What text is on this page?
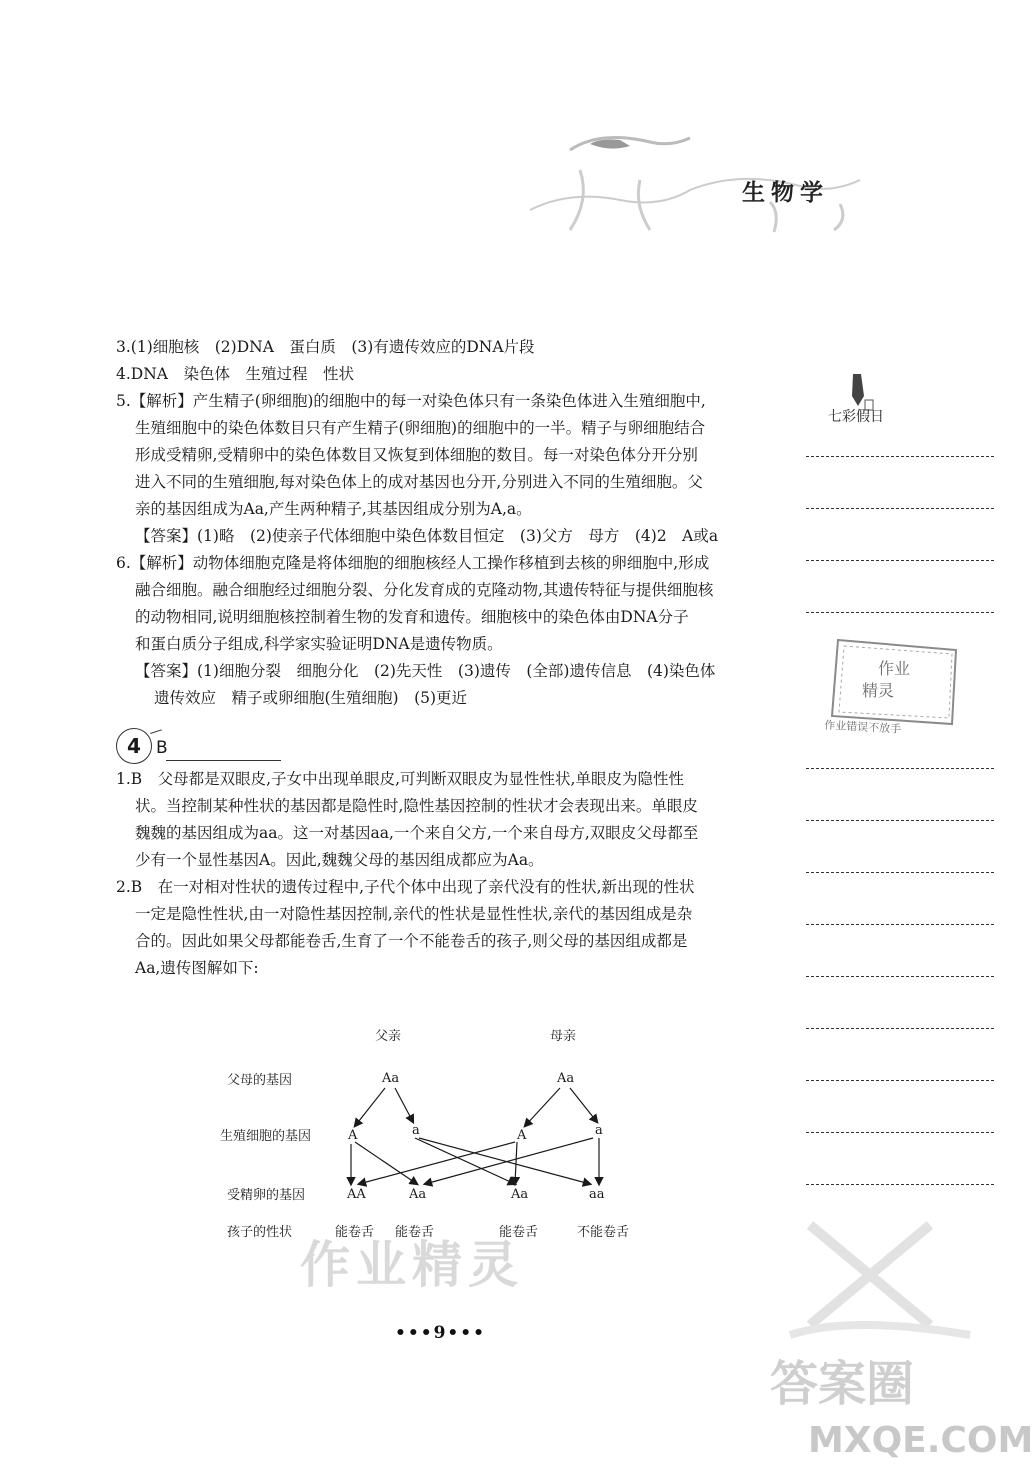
生物学
七彩假日
作业
精灵
作业错误不放手

3.(1)细胞核　(2)DNA　蛋白质　(3)有遗传效应的DNA片段

4.DNA　染色体　生殖过程　性状

5.【解析】产生精子(卵细胞)的细胞中的每一对染色体只有一条染色体进入生殖细胞中,

生殖细胞中的染色体数目只有产生精子(卵细胞)的细胞中的一半。精子与卵细胞结合

形成受精卵,受精卵中的染色体数目又恢复到体细胞的数目。每一对染色体分开分别

进入不同的生殖细胞,每对染色体上的成对基因也分开,分别进入不同的生殖细胞。父

亲的基因组成为Aa,产生两种精子,其基因组成分别为A,a。

【答案】(1)略　(2)使亲子代体细胞中染色体数目恒定　(3)父方　母方　(4)2　A或a

6.【解析】动物体细胞克隆是将体细胞的细胞核经人工操作移植到去核的卵细胞中,形成

融合细胞。融合细胞经过细胞分裂、分化发育成的克隆动物,其遗传特征与提供细胞核

的动物相同,说明细胞核控制着生物的发育和遗传。细胞核中的染色体由DNA分子

和蛋白质分子组成,科学家实验证明DNA是遗传物质。

【答案】(1)细胞分裂　细胞分化　(2)先天性　(3)遗传　(全部)遗传信息　(4)染色体

遗传效应　精子或卵细胞(生殖细胞)　(5)更近

4 B

1.B　父母都是双眼皮,子女中出现单眼皮,可判断双眼皮为显性性状,单眼皮为隐性性

状。当控制某种性状的基因都是隐性时,隐性基因控制的性状才会表现出来。单眼皮

魏魏的基因组成为aa。这一对基因aa,一个来自父方,一个来自母方,双眼皮父母都至

少有一个显性基因A。因此,魏魏父母的基因组成都应为Aa。

2.B　在一对相对性状的遗传过程中,子代个体中出现了亲代没有的性状,新出现的性状

一定是隐性性状,由一对隐性基因控制,亲代的性状是显性性状,亲代的基因组成是杂

合的。因此如果父母都能卷舌,生育了一个不能卷舌的孩子,则父母的基因组成都是

Aa,遗传图解如下:

父亲	母亲
父母的基因
生殖细胞的基因
受精卵的基因
孩子的性状
Aa	Aa
A	a	A	a
AA	Aa	Aa	aa
能卷舌 能卷舌	能卷舌	不能卷舌
作业精灵
答案圈
MXQE.COM
•••9•••
